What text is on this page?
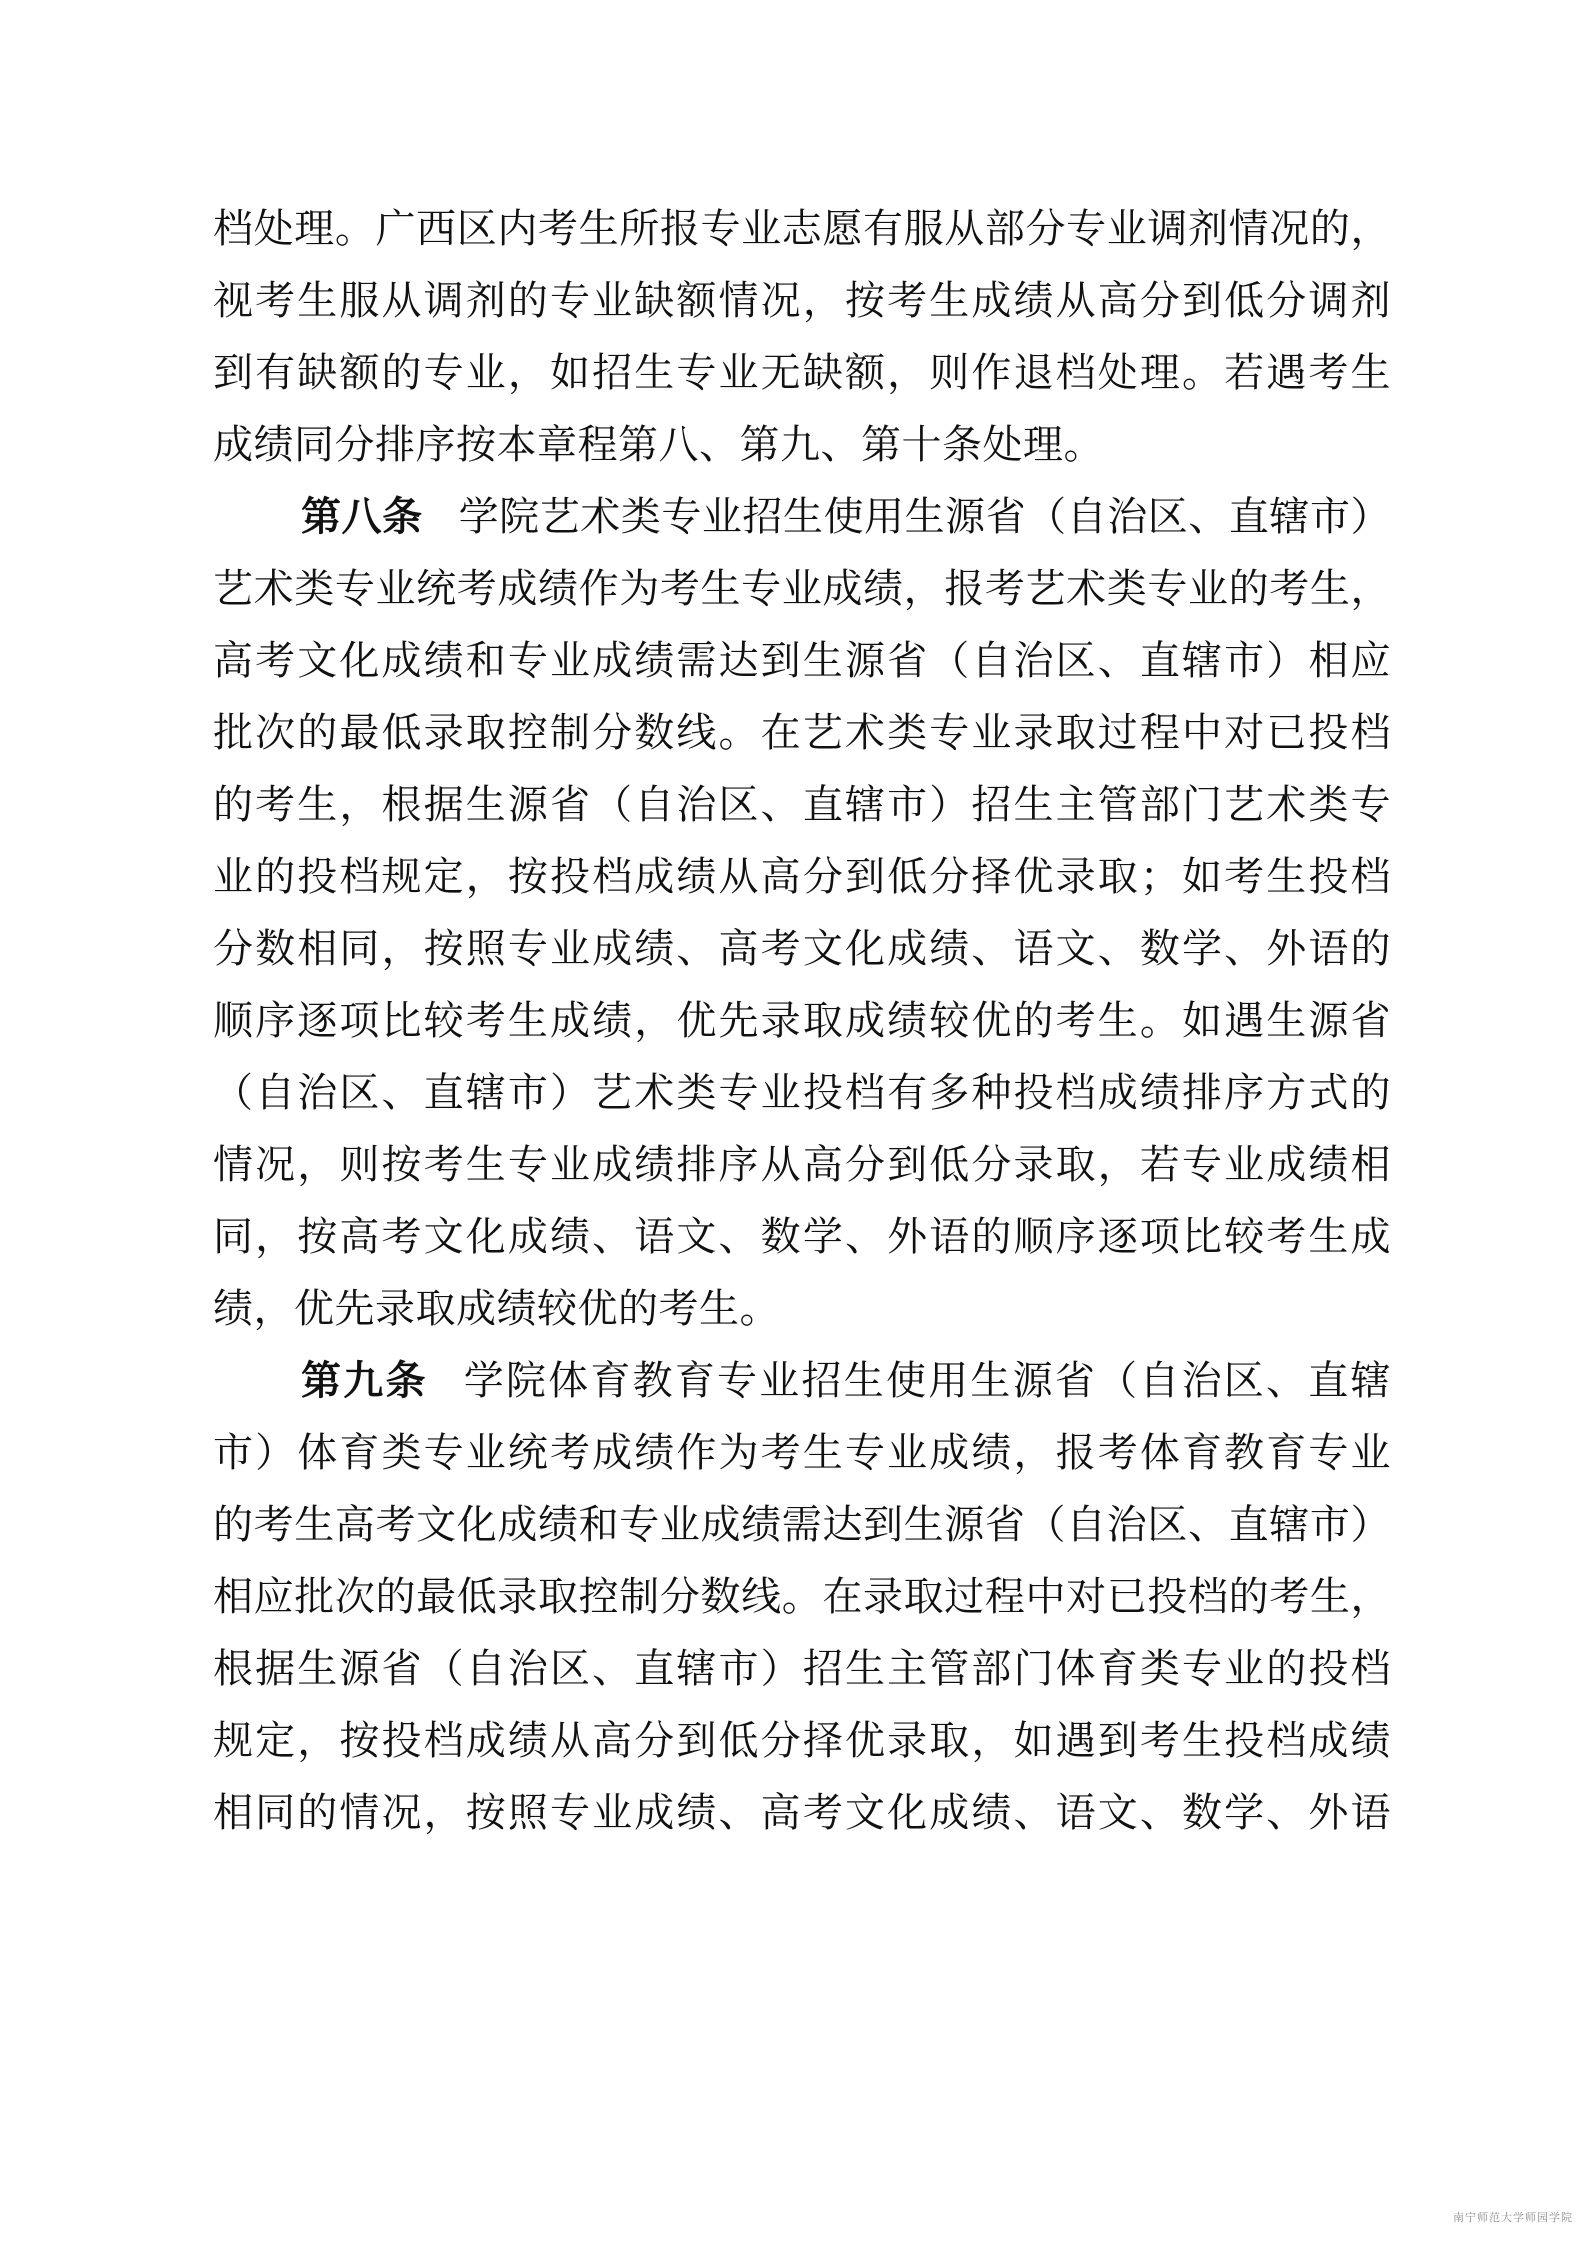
档处理。广西区内考生所报专业志愿有服从部分专业调剂情况的，
视考生服从调剂的专业缺额情况，按考生成绩从高分到低分调剂
到有缺额的专业，如招生专业无缺额，则作退档处理。若遇考生
成绩同分排序按本章程第八、第九、第十条处理。
第八条 学院艺术类专业招生使用生源省（自治区、直辖市）
艺术类专业统考成绩作为考生专业成绩，报考艺术类专业的考生，
高考文化成绩和专业成绩需达到生源省（自治区、直辖市）相应
批次的最低录取控制分数线。在艺术类专业录取过程中对已投档
的考生，根据生源省（自治区、直辖市）招生主管部门艺术类专
业的投档规定，按投档成绩从高分到低分择优录取；如考生投档
分数相同，按照专业成绩、高考文化成绩、语文、数学、外语的
顺序逐项比较考生成绩，优先录取成绩较优的考生。如遇生源省
（自治区、直辖市）艺术类专业投档有多种投档成绩排序方式的
情况，则按考生专业成绩排序从高分到低分录取，若专业成绩相
同，按高考文化成绩、语文、数学、外语的顺序逐项比较考生成
绩，优先录取成绩较优的考生。
第九条 学院体育教育专业招生使用生源省（自治区、直辖
市）体育类专业统考成绩作为考生专业成绩，报考体育教育专业
的考生高考文化成绩和专业成绩需达到生源省（自治区、直辖市）
相应批次的最低录取控制分数线。在录取过程中对已投档的考生，
根据生源省（自治区、直辖市）招生主管部门体育类专业的投档
规定，按投档成绩从高分到低分择优录取，如遇到考生投档成绩
相同的情况，按照专业成绩、高考文化成绩、语文、数学、外语
南宁师范大学师园学院
